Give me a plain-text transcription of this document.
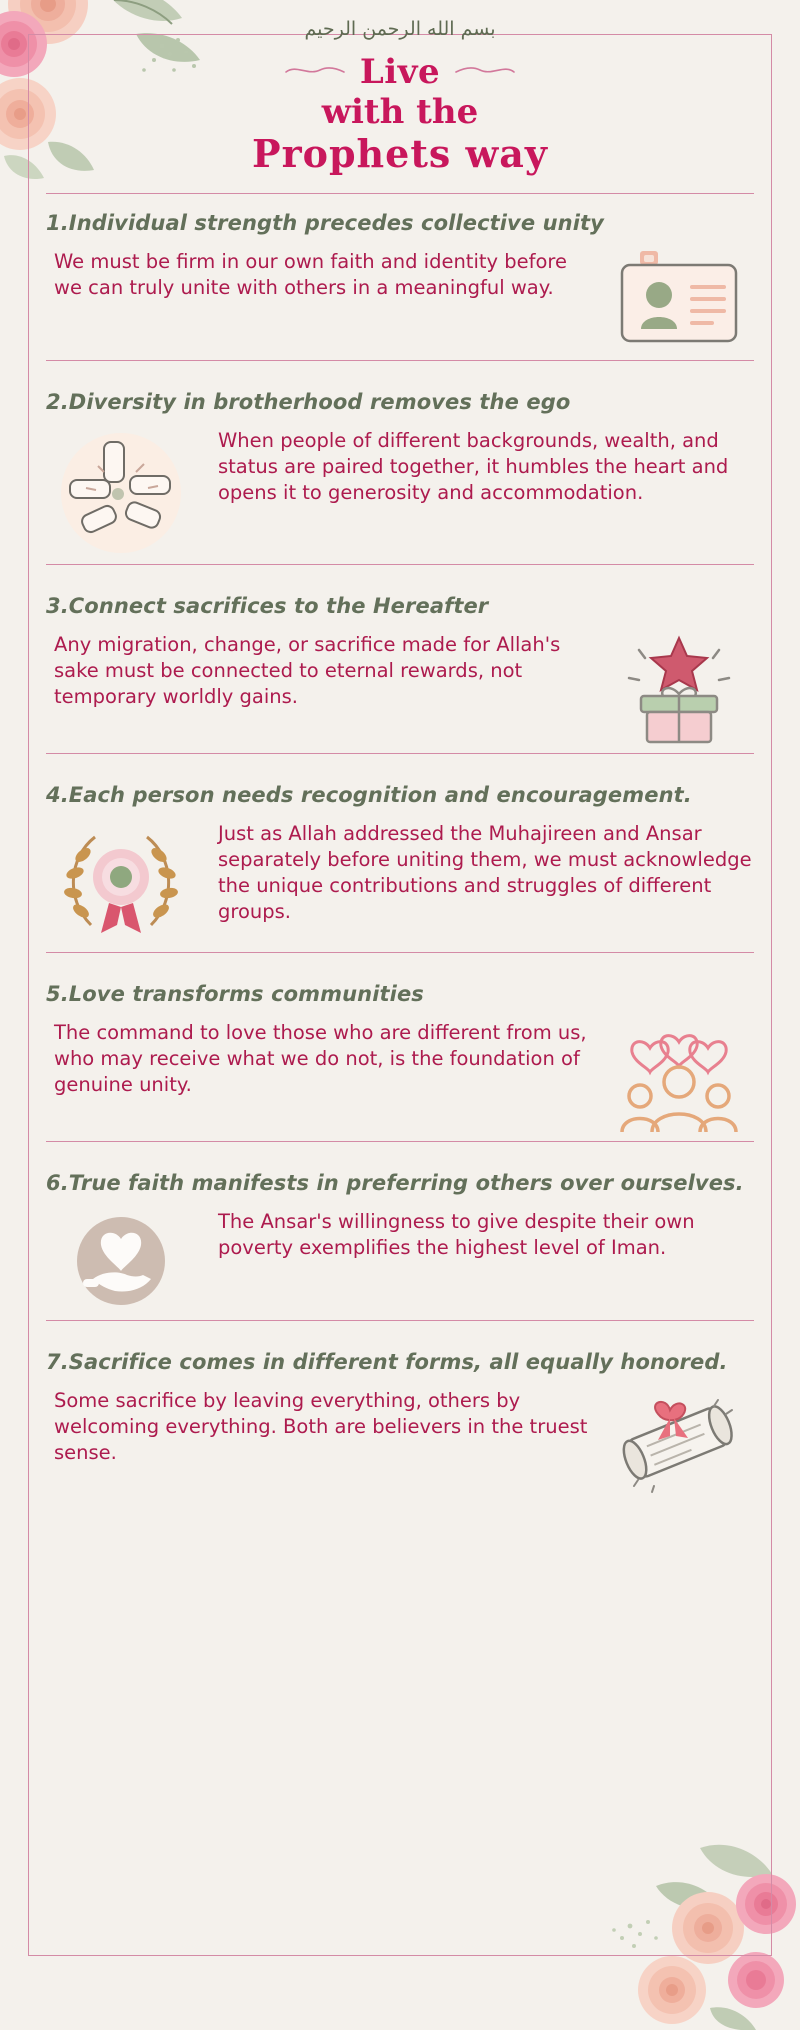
بسم الله الرحمن الرحيم
Live
with the
Prophets way
1.Individual strength precedes collective unity
We must be firm in our own faith and identity before we can truly unite with others in a meaningful way.
2.Diversity in brotherhood removes the ego
When people of different backgrounds, wealth, and status are paired together, it humbles the heart and opens it to generosity and accommodation.
3.Connect sacrifices to the Hereafter
Any migration, change, or sacrifice made for Allah's sake must be connected to eternal rewards, not temporary worldly gains.
4.Each person needs recognition and encouragement.
Just as Allah addressed the Muhajireen and Ansar separately before uniting them, we must acknowledge the unique contributions and struggles of different groups.
5.Love transforms communities
The command to love those who are different from us, who may receive what we do not, is the foundation of genuine unity.
6.True faith manifests in preferring others over ourselves.
The Ansar's willingness to give despite their own poverty exemplifies the highest level of Iman.
7.Sacrifice comes in different forms, all equally honored.
Some sacrifice by leaving everything, others by welcoming everything. Both are believers in the truest sense.
